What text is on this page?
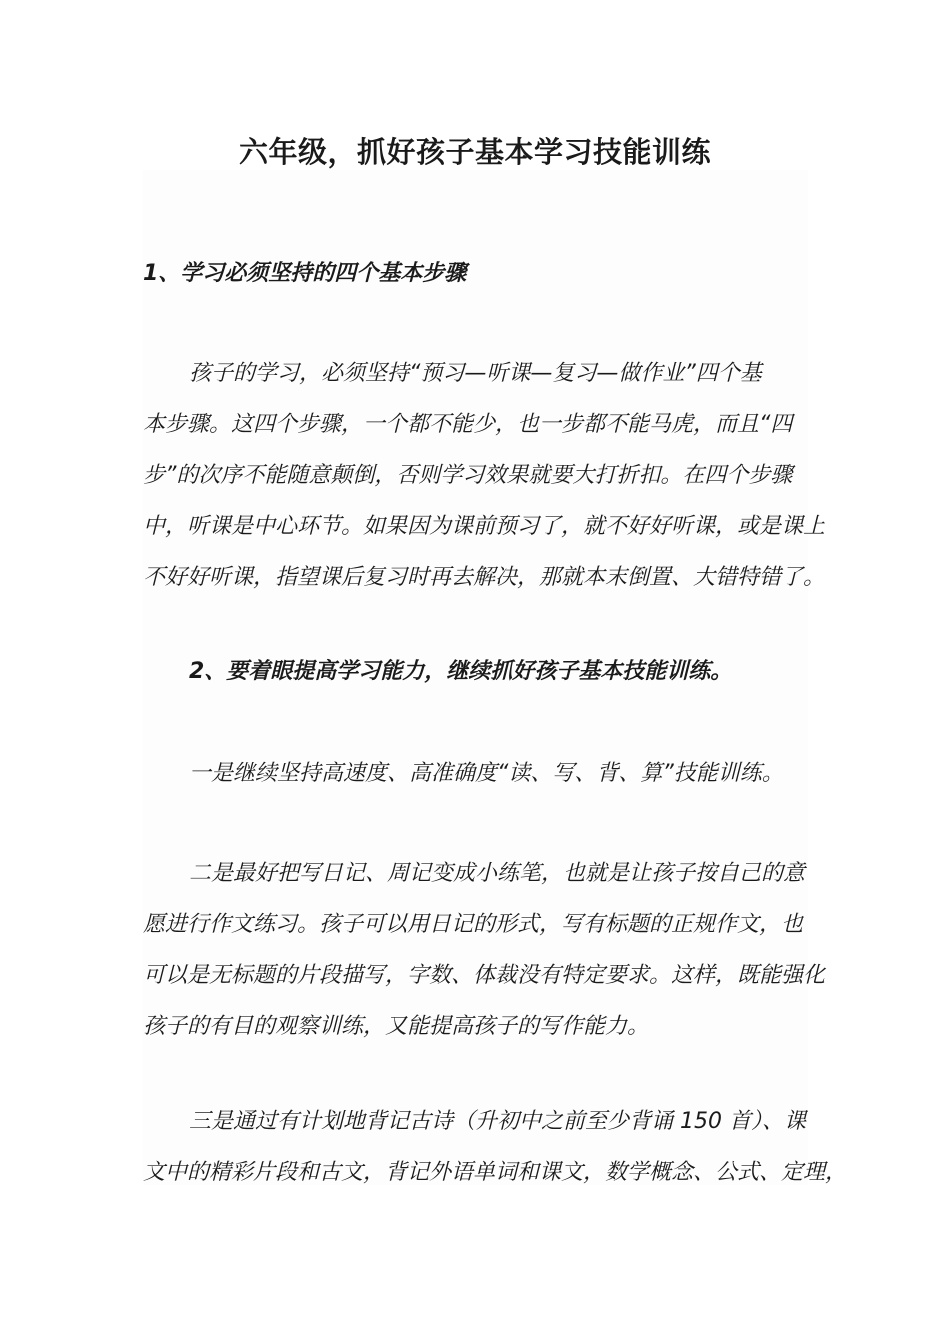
六年级，抓好孩子基本学习技能训练

1、学习必须坚持的四个基本步骤

孩子的学习，必须坚持“预习—听课—复习—做作业”四个基
本步骤。这四个步骤，一个都不能少，也一步都不能马虎，而且“四
步”的次序不能随意颠倒，否则学习效果就要大打折扣。在四个步骤
中，听课是中心环节。如果因为课前预习了，就不好好听课，或是课上
不好好听课，指望课后复习时再去解决，那就本末倒置、大错特错了。

2、要着眼提高学习能力，继续抓好孩子基本技能训练。

一是继续坚持高速度、高准确度“读、写、背、算”技能训练。
二是最好把写日记、周记变成小练笔，也就是让孩子按自己的意
愿进行作文练习。孩子可以用日记的形式，写有标题的正规作文，也
可以是无标题的片段描写，字数、体裁没有特定要求。这样，既能强化
孩子的有目的观察训练，又能提高孩子的写作能力。
三是通过有计划地背记古诗（升初中之前至少背诵 150 首）、课
文中的精彩片段和古文，背记外语单词和课文，数学概念、公式、定理，
